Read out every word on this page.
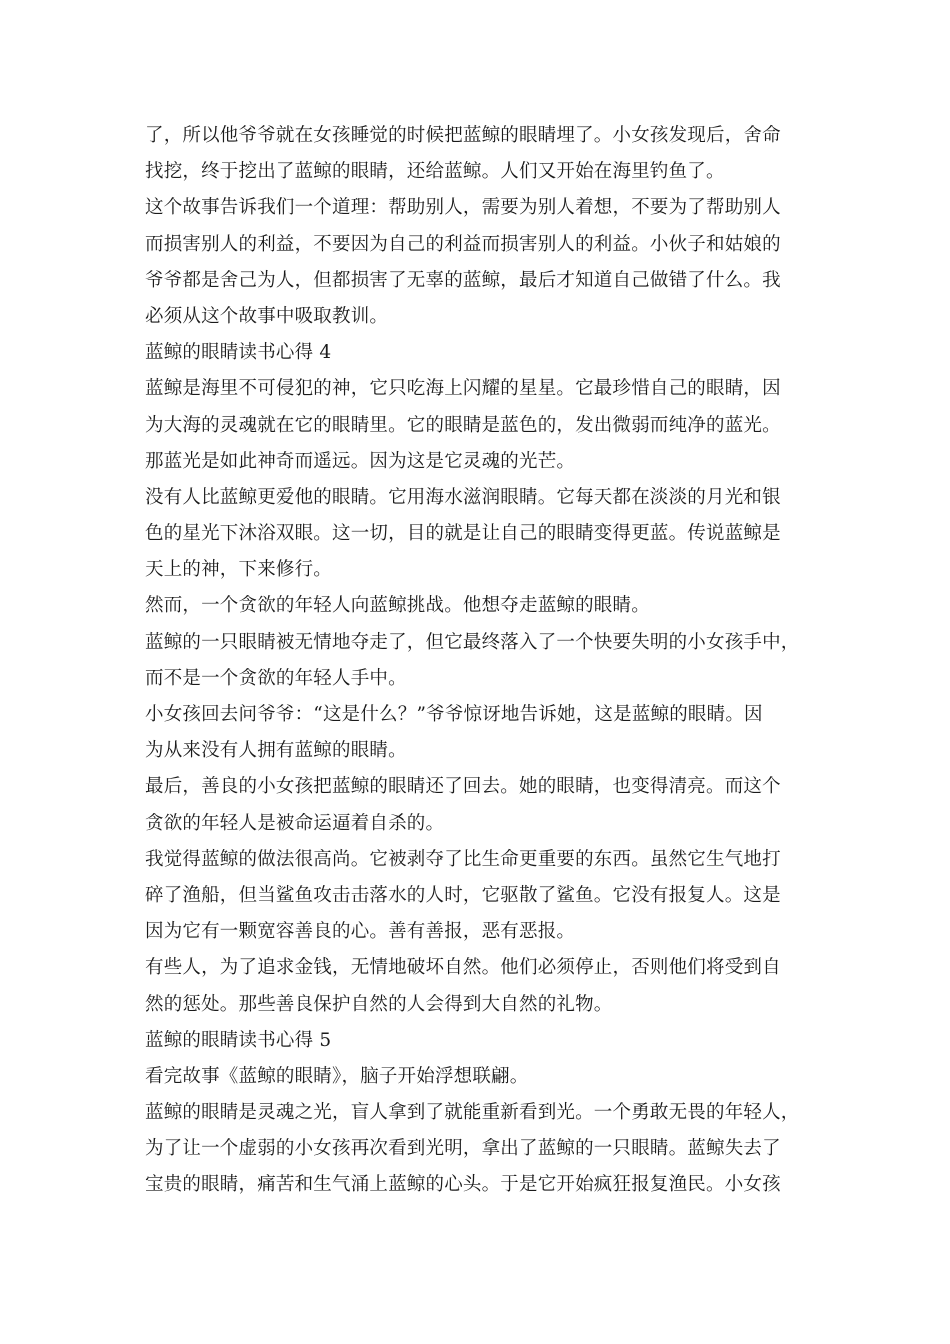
了，所以他爷爷就在女孩睡觉的时候把蓝鲸的眼睛埋了。小女孩发现后，舍命
找挖，终于挖出了蓝鲸的眼睛，还给蓝鲸。人们又开始在海里钓鱼了。
这个故事告诉我们一个道理：帮助别人，需要为别人着想，不要为了帮助别人
而损害别人的利益，不要因为自己的利益而损害别人的利益。小伙子和姑娘的
爷爷都是舍己为人，但都损害了无辜的蓝鲸，最后才知道自己做错了什么。我
必须从这个故事中吸取教训。
蓝鲸的眼睛读书心得 4
蓝鲸是海里不可侵犯的神，它只吃海上闪耀的星星。它最珍惜自己的眼睛，因
为大海的灵魂就在它的眼睛里。它的眼睛是蓝色的，发出微弱而纯净的蓝光。
那蓝光是如此神奇而遥远。因为这是它灵魂的光芒。
没有人比蓝鲸更爱他的眼睛。它用海水滋润眼睛。它每天都在淡淡的月光和银
色的星光下沐浴双眼。这一切，目的就是让自己的眼睛变得更蓝。传说蓝鲸是
天上的神，下来修行。
然而，一个贪欲的年轻人向蓝鲸挑战。他想夺走蓝鲸的眼睛。
蓝鲸的一只眼睛被无情地夺走了，但它最终落入了一个快要失明的小女孩手中，
而不是一个贪欲的年轻人手中。
小女孩回去问爷爷：“这是什么？”爷爷惊讶地告诉她，这是蓝鲸的眼睛。因
为从来没有人拥有蓝鲸的眼睛。
最后，善良的小女孩把蓝鲸的眼睛还了回去。她的眼睛，也变得清亮。而这个
贪欲的年轻人是被命运逼着自杀的。
我觉得蓝鲸的做法很高尚。它被剥夺了比生命更重要的东西。虽然它生气地打
碎了渔船，但当鲨鱼攻击击落水的人时，它驱散了鲨鱼。它没有报复人。这是
因为它有一颗宽容善良的心。善有善报，恶有恶报。
有些人，为了追求金钱，无情地破坏自然。他们必须停止，否则他们将受到自
然的惩处。那些善良保护自然的人会得到大自然的礼物。
蓝鲸的眼睛读书心得 5
看完故事《蓝鲸的眼睛》，脑子开始浮想联翩。
蓝鲸的眼睛是灵魂之光，盲人拿到了就能重新看到光。一个勇敢无畏的年轻人，
为了让一个虚弱的小女孩再次看到光明，拿出了蓝鲸的一只眼睛。蓝鲸失去了
宝贵的眼睛，痛苦和生气涌上蓝鲸的心头。于是它开始疯狂报复渔民。小女孩
